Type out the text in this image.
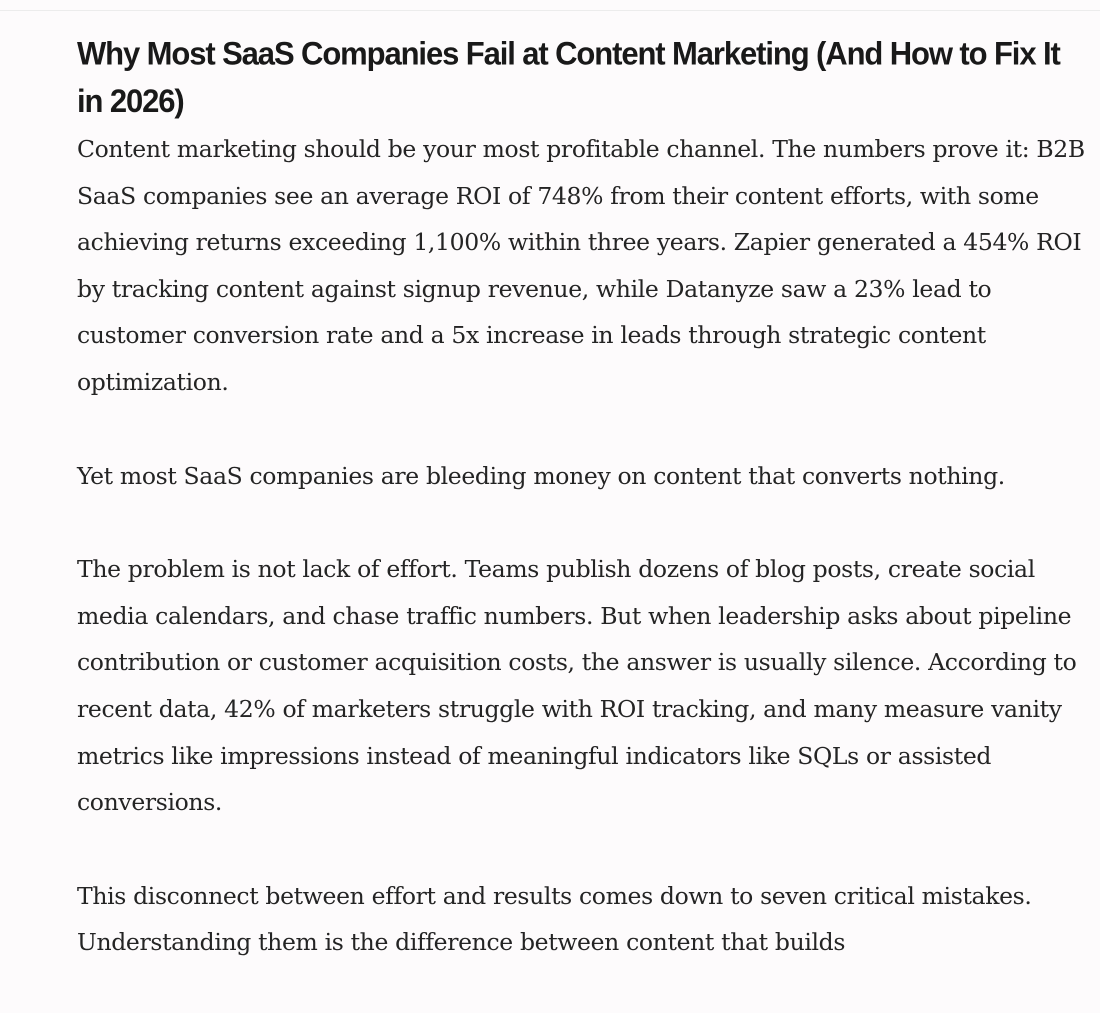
Why Most SaaS Companies Fail at Content Marketing (And How to Fix It in 2026)

Content marketing should be your most profitable channel. The numbers prove it: B2B SaaS companies see an average ROI of 748% from their content efforts, with some achieving returns exceeding 1,100% within three years. Zapier generated a 454% ROI by tracking content against signup revenue, while Datanyze saw a 23% lead to customer conversion rate and a 5x increase in leads through strategic content optimization.

Yet most SaaS companies are bleeding money on content that converts nothing.

The problem is not lack of effort. Teams publish dozens of blog posts, create social media calendars, and chase traffic numbers. But when leadership asks about pipeline contribution or customer acquisition costs, the answer is usually silence. According to recent data, 42% of marketers struggle with ROI tracking, and many measure vanity metrics like impressions instead of meaningful indicators like SQLs or assisted conversions.

This disconnect between effort and results comes down to seven critical mistakes. Understanding them is the difference between content that builds
